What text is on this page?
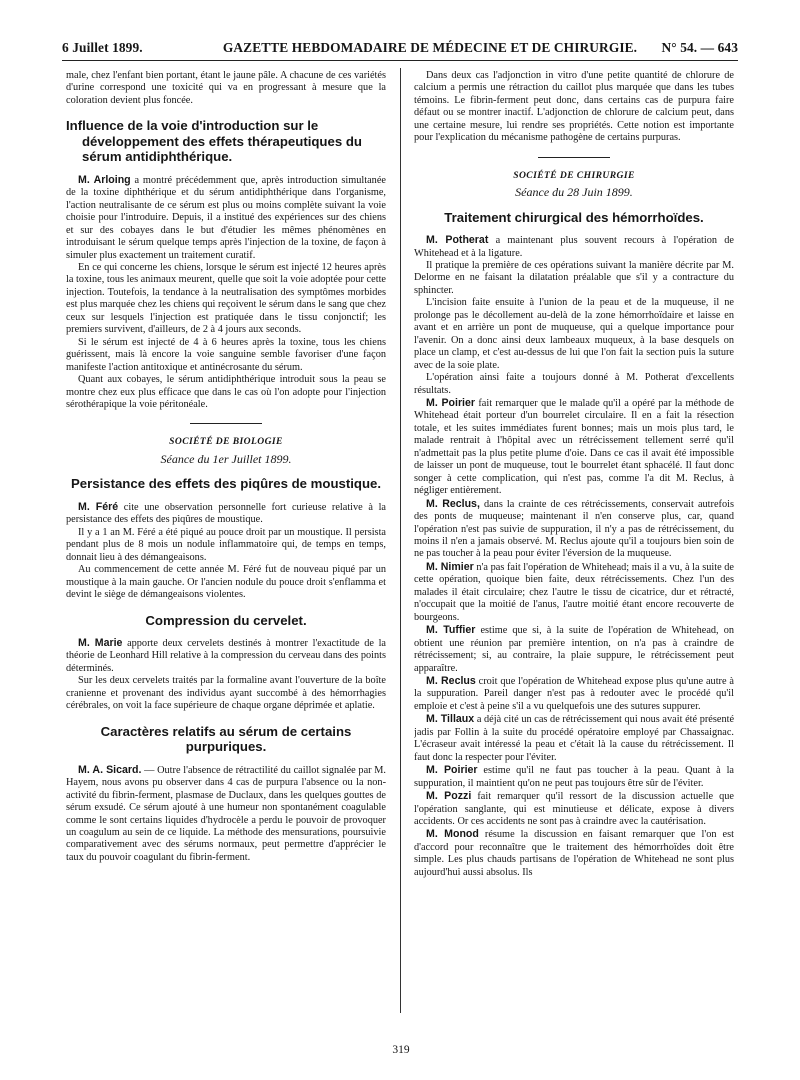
6 Juillet 1899.	GAZETTE HEBDOMADAIRE DE MÉDECINE ET DE CHIRURGIE.	N° 54. — 643

male, chez l'enfant bien portant, étant le jaune pâle. A chacune de ces variétés d'urine correspond une toxicité qui va en progressant à mesure que la coloration devient plus foncée.

Influence de la voie d'introduction sur le développement des effets thérapeutiques du sérum antidiphthérique.

M. Arloing a montré précédemment que, après introduction simultanée de la toxine diphthérique et du sérum antidiphthérique dans l'organisme, l'action neutralisante de ce sérum est plus ou moins complète suivant la voie choisie pour l'introduire. Depuis, il a institué des expériences sur des chiens et sur des cobayes dans le but d'étudier les mêmes phénomènes en introduisant le sérum quelque temps après l'injection de la toxine, de façon à simuler plus exactement un traitement curatif.

En ce qui concerne les chiens, lorsque le sérum est injecté 12 heures après la toxine, tous les animaux meurent, quelle que soit la voie adoptée pour cette injection. Toutefois, la tendance à la neutralisation des symptômes morbides est plus marquée chez les chiens qui reçoivent le sérum dans le sang que chez ceux sur lesquels l'injection est pratiquée dans le tissu conjonctif; les premiers survivent, d'ailleurs, de 2 à 4 jours aux seconds.

Si le sérum est injecté de 4 à 6 heures après la toxine, tous les chiens guérissent, mais là encore la voie sanguine semble favoriser d'une façon manifeste l'action antitoxique et antinécrosante du sérum.

Quant aux cobayes, le sérum antidiphthérique introduit sous la peau se montre chez eux plus efficace que dans le cas où l'on adopte pour l'injection sérothérapique la voie péritonéale.

SOCIÉTÉ DE BIOLOGIE
Séance du 1er Juillet 1899.
Persistance des effets des piqûres de moustique.

M. Féré cite une observation personnelle fort curieuse relative à la persistance des effets des piqûres de moustique.

Il y a 1 an M. Féré a été piqué au pouce droit par un moustique. Il persista pendant plus de 8 mois un nodule inflammatoire qui, de temps en temps, donnait lieu à des démangeaisons.

Au commencement de cette année M. Féré fut de nouveau piqué par un moustique à la main gauche. Or l'ancien nodule du pouce droit s'enflamma et devint le siège de démangeaisons violentes.

Compression du cervelet.

M. Marie apporte deux cervelets destinés à montrer l'exactitude de la théorie de Leonhard Hill relative à la compression du cerveau dans des points déterminés.

Sur les deux cervelets traités par la formaline avant l'ouverture de la boîte cranienne et provenant des individus ayant succombé à des hémorrhagies cérébrales, on voit la face supérieure de chaque organe déprimée et aplatie.

Caractères relatifs au sérum de certains purpuriques.

M. A. Sicard. — Outre l'absence de rétractilité du caillot signalée par M. Hayem, nous avons pu observer dans 4 cas de purpura l'absence ou la non-activité du fibrin-ferment, plasmase de Duclaux, dans les quelques gouttes de sérum exsudé. Ce sérum ajouté à une humeur non spontanément coagulable comme le sont certains liquides d'hydrocèle a perdu le pouvoir de provoquer un coagulum au sein de ce liquide. La méthode des mensurations, poursuivie comparativement avec des sérums normaux, peut permettre d'apprécier le taux du pouvoir coagulant du fibrin-ferment.

Dans deux cas l'adjonction in vitro d'une petite quantité de chlorure de calcium a permis une rétraction du caillot plus marquée que dans les tubes témoins. Le fibrin-ferment peut donc, dans certains cas de purpura faire défaut ou se montrer inactif. L'adjonction de chlorure de calcium peut, dans une certaine mesure, lui rendre ses propriétés. Cette notion est importante pour l'explication du mécanisme pathogène de certains purpuras.

SOCIÉTÉ DE CHIRURGIE
Séance du 28 Juin 1899.
Traitement chirurgical des hémorrhoïdes.

M. Potherat a maintenant plus souvent recours à l'opération de Whitehead et à la ligature.

Il pratique la première de ces opérations suivant la manière décrite par M. Delorme en ne faisant la dilatation préalable que s'il y a contracture du sphincter.

L'incision faite ensuite à l'union de la peau et de la muqueuse, il ne prolonge pas le décollement au-delà de la zone hémorrhoïdaire et laisse en avant et en arrière un pont de muqueuse, qui a quelque importance pour l'avenir. On a donc ainsi deux lambeaux muqueux, à la base desquels on place un clamp, et c'est au-dessus de lui que l'on fait la section puis la suture avec de la soie plate.

L'opération ainsi faite a toujours donné à M. Potherat d'excellents résultats.

M. Poirier fait remarquer que le malade qu'il a opéré par la méthode de Whitehead était porteur d'un bourrelet circulaire. Il en a fait la résection totale, et les suites immédiates furent bonnes; mais un mois plus tard, le malade rentrait à l'hôpital avec un rétrécissement tellement serré qu'il n'admettait pas la plus petite plume d'oie. Dans ce cas il avait été impossible de laisser un pont de muqueuse, tout le bourrelet étant sphacélé. Il faut donc songer à cette complication, qui n'est pas, comme l'a dit M. Reclus, à négliger entièrement.

M. Reclus, dans la crainte de ces rétrécissements, conservait autrefois des ponts de muqueuse; maintenant il n'en conserve plus, car, quand l'opération n'est pas suivie de suppuration, il n'y a pas de rétrécissement, du moins il n'en a jamais observé. M. Reclus ajoute qu'il a toujours bien soin de ne pas toucher à la peau pour éviter l'éversion de la muqueuse.

M. Nimier n'a pas fait l'opération de Whitehead; mais il a vu, à la suite de cette opération, quoique bien faite, deux rétrécissements. Chez l'un des malades il était circulaire; chez l'autre le tissu de cicatrice, dur et rétracté, n'occupait que la moitié de l'anus, l'autre moitié étant encore recouverte de bourgeons.

M. Tuffier estime que si, à la suite de l'opération de Whitehead, on obtient une réunion par première intention, on n'a pas à craindre de rétrécissement; si, au contraire, la plaie suppure, le rétrécissement peut apparaître.

M. Reclus croit que l'opération de Whitehead expose plus qu'une autre à la suppuration. Pareil danger n'est pas à redouter avec le procédé qu'il emploie et c'est à peine s'il a vu quelquefois une des sutures suppurer.

M. Tillaux a déjà cité un cas de rétrécissement qui nous avait été présenté jadis par Follin à la suite du procédé opératoire employé par Chassaignac. L'écraseur avait intéressé la peau et c'était là la cause du rétrécissement. Il faut donc la respecter pour l'éviter.

M. Poirier estime qu'il ne faut pas toucher à la peau. Quant à la suppuration, il maintient qu'on ne peut pas toujours être sûr de l'éviter.

M. Pozzi fait remarquer qu'il ressort de la discussion actuelle que l'opération sanglante, qui est minutieuse et délicate, expose à divers accidents. Or ces accidents ne sont pas à craindre avec la cautérisation.

M. Monod résume la discussion en faisant remarquer que l'on est d'accord pour reconnaître que le traitement des hémorrhoïdes doit être simple. Les plus chauds partisans de l'opération de Whitehead ne sont plus aujourd'hui aussi absolus. Ils

319
